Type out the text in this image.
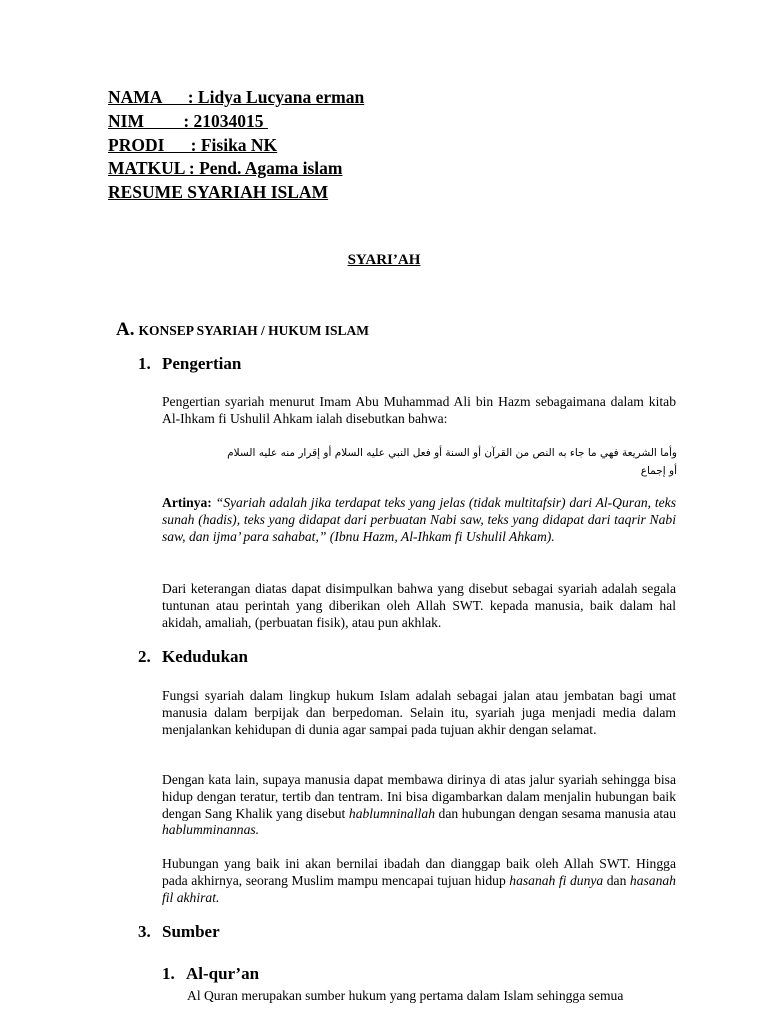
NAMA      : Lidya Lucyana erman
NIM         : 21034015
PRODI      : Fisika NK
MATKUL : Pend. Agama islam
RESUME SYARIAH ISLAM
SYARI’AH
A. KONSEP SYARIAH / HUKUM ISLAM
1. Pengertian
Pengertian syariah menurut Imam Abu Muhammad Ali bin Hazm sebagaimana dalam kitab Al-Ihkam fi Ushulil Ahkam ialah disebutkan bahwa:
وأما الشريعة فهي ما جاء به النص من القرآن أو السنة أو فعل النبي عليه السلام أو إقرار منه عليه السلام أو إجماع
Artinya: “Syariah adalah jika terdapat teks yang jelas (tidak multitafsir) dari Al-Quran, teks sunah (hadis), teks yang didapat dari perbuatan Nabi saw, teks yang didapat dari taqrir Nabi saw, dan ijma’ para sahabat,” (Ibnu Hazm, Al-Ihkam fi Ushulil Ahkam).
Dari keterangan diatas dapat disimpulkan bahwa yang disebut sebagai syariah adalah segala tuntunan atau perintah yang diberikan oleh Allah SWT. kepada manusia, baik dalam hal akidah, amaliah, (perbuatan fisik), atau pun akhlak.
2. Kedudukan
Fungsi syariah dalam lingkup hukum Islam adalah sebagai jalan atau jembatan bagi umat manusia dalam berpijak dan berpedoman. Selain itu, syariah juga menjadi media dalam menjalankan kehidupan di dunia agar sampai pada tujuan akhir dengan selamat.
Dengan kata lain, supaya manusia dapat membawa dirinya di atas jalur syariah sehingga bisa hidup dengan teratur, tertib dan tentram. Ini bisa digambarkan dalam menjalin hubungan baik dengan Sang Khalik yang disebut hablumninallah dan hubungan dengan sesama manusia atau hablumminannas.
Hubungan yang baik ini akan bernilai ibadah dan dianggap baik oleh Allah SWT. Hingga pada akhirnya, seorang Muslim mampu mencapai tujuan hidup hasanah fi dunya dan hasanah fil akhirat.
3. Sumber
1. Al-qur’an
Al Quran merupakan sumber hukum yang pertama dalam Islam sehingga semua
